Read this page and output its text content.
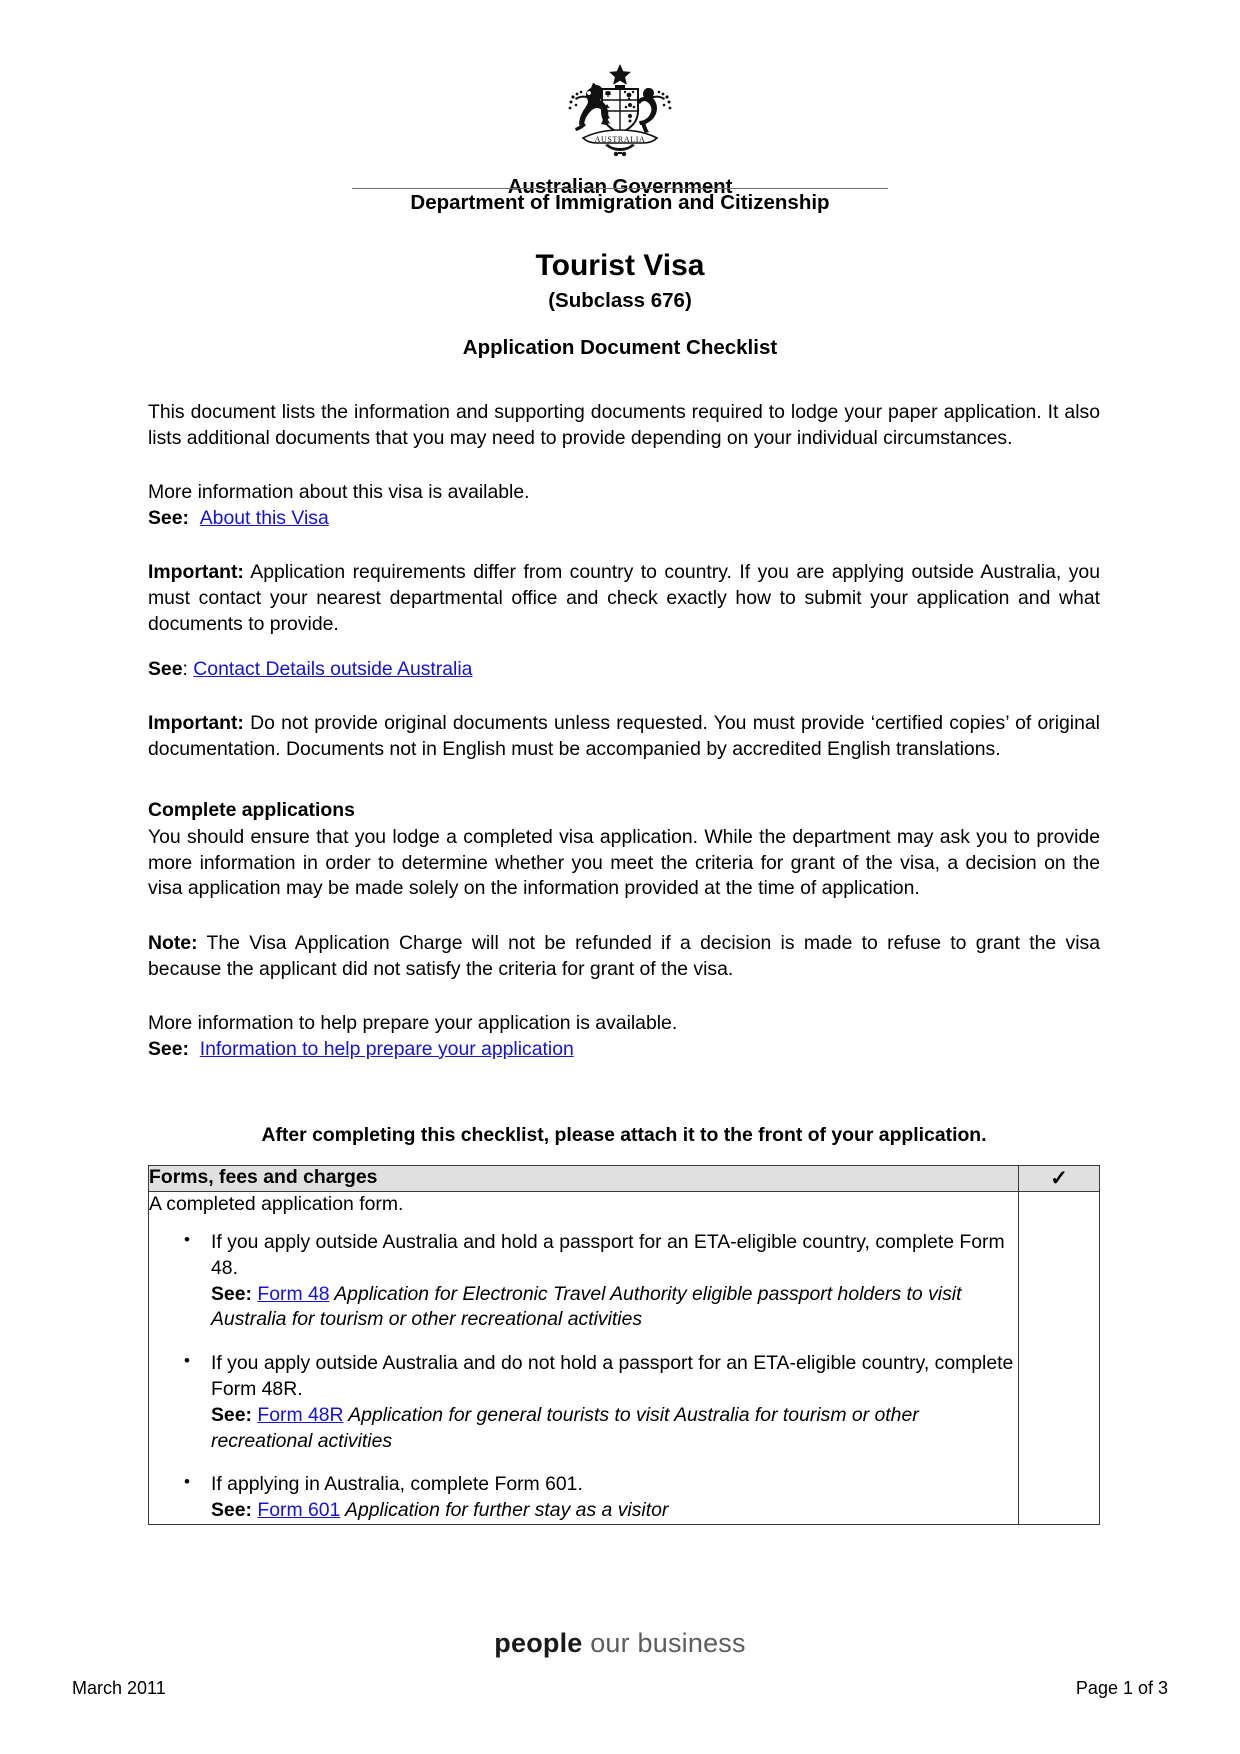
AUSTRALIA
Australian Government
Department of Immigration and Citizenship
Tourist Visa
(Subclass 676)
Application Document Checklist

This document lists the information and supporting documents required to lodge your paper application. It also lists additional documents that you may need to provide depending on your individual circumstances.

More information about this visa is available.
See: About this Visa

Important: Application requirements differ from country to country. If you are applying outside Australia, you must contact your nearest departmental office and check exactly how to submit your application and what documents to provide.

See: Contact Details outside Australia

Important: Do not provide original documents unless requested. You must provide ‘certified copies’ of original documentation. Documents not in English must be accompanied by accredited English translations.

Complete applications

You should ensure that you lodge a completed visa application. While the department may ask you to provide more information in order to determine whether you meet the criteria for grant of the visa, a decision on the visa application may be made solely on the information provided at the time of application.

Note: The Visa Application Charge will not be refunded if a decision is made to refuse to grant the visa because the applicant did not satisfy the criteria for grant of the visa.

More information to help prepare your application is available.
See: Information to help prepare your application

After completing this checklist, please attach it to the front of your application.
Forms, fees and charges	✓

A completed application form.
• If you apply outside Australia and hold a passport for an ETA-eligible country, complete Form 48.
See: Form 48 Application for Electronic Travel Authority eligible passport holders to visit Australia for tourism or other recreational activities
• If you apply outside Australia and do not hold a passport for an ETA-eligible country, complete Form 48R.
See: Form 48R Application for general tourists to visit Australia for tourism or other recreational activities
• If applying in Australia, complete Form 601.
See: Form 601 Application for further stay as a visitor

people our business
March 2011	Page 1 of 3
